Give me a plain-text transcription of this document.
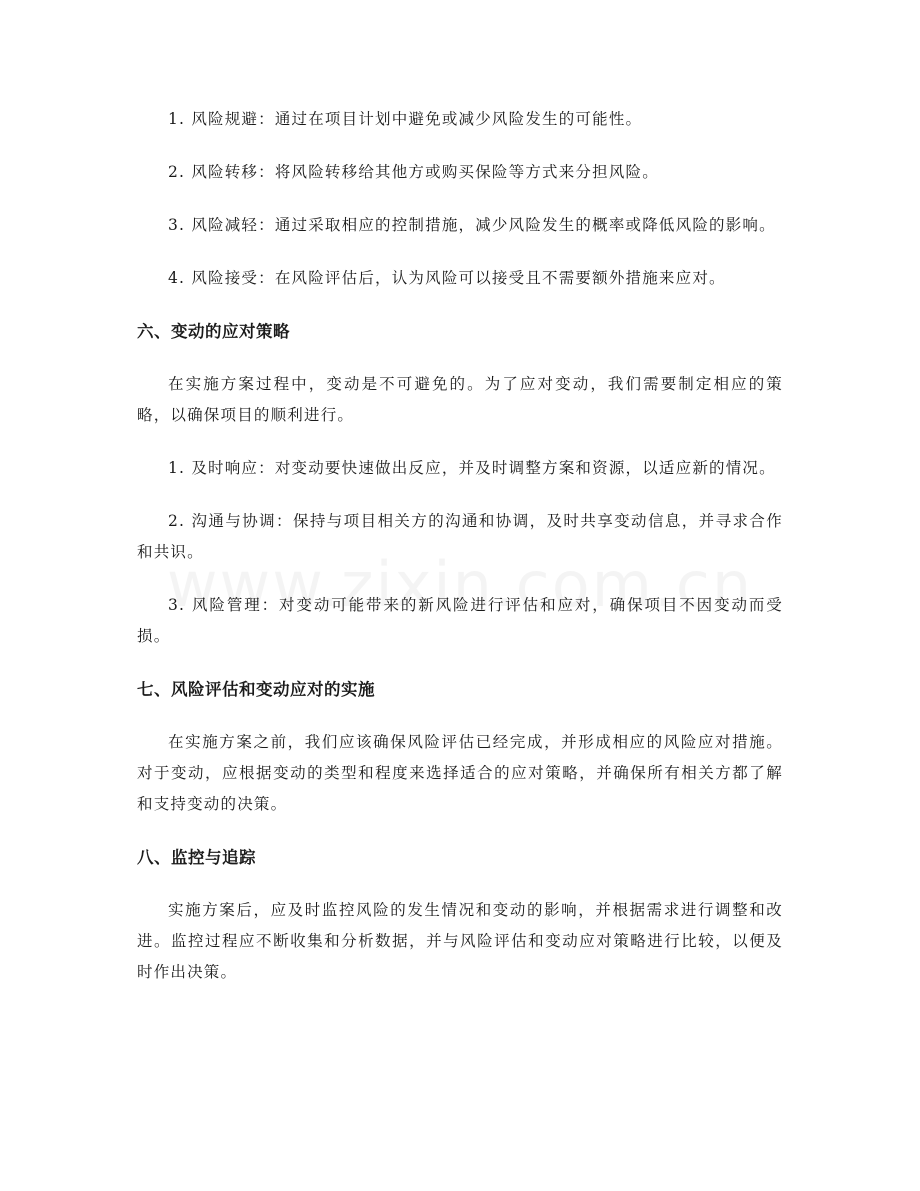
1. 风险规避：通过在项目计划中避免或减少风险发生的可能性。

2. 风险转移：将风险转移给其他方或购买保险等方式来分担风险。

3. 风险减轻：通过采取相应的控制措施，减少风险发生的概率或降低风险的影响。

4. 风险接受：在风险评估后，认为风险可以接受且不需要额外措施来应对。

六、变动的应对策略

在实施方案过程中，变动是不可避免的。为了应对变动，我们需要制定相应的策略，以确保项目的顺利进行。

1. 及时响应：对变动要快速做出反应，并及时调整方案和资源，以适应新的情况。

2. 沟通与协调：保持与项目相关方的沟通和协调，及时共享变动信息，并寻求合作和共识。

3. 风险管理：对变动可能带来的新风险进行评估和应对，确保项目不因变动而受损。

七、风险评估和变动应对的实施

在实施方案之前，我们应该确保风险评估已经完成，并形成相应的风险应对措施。对于变动，应根据变动的类型和程度来选择适合的应对策略，并确保所有相关方都了解和支持变动的决策。

八、监控与追踪

实施方案后，应及时监控风险的发生情况和变动的影响，并根据需求进行调整和改进。监控过程应不断收集和分析数据，并与风险评估和变动应对策略进行比较，以便及时作出决策。
